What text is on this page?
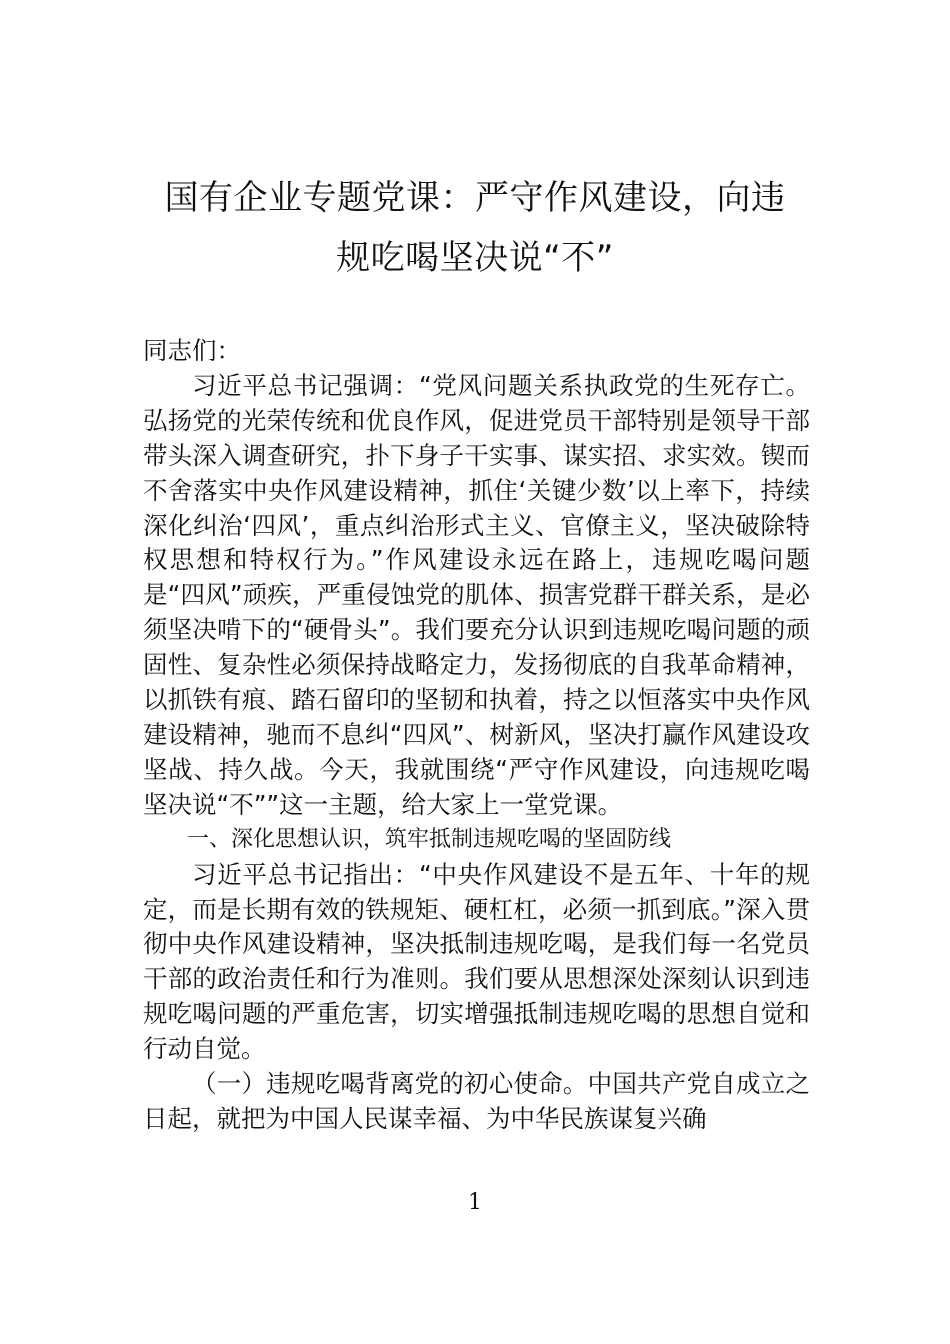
国有企业专题党课：严守作风建设，向违
规吃喝坚决说“不”

同志们：

习近平总书记强调：“党风问题关系执政党的生死存亡。弘扬党的光荣传统和优良作风，促进党员干部特别是领导干部带头深入调查研究，扑下身子干实事、谋实招、求实效。锲而不舍落实中央作风建设精神，抓住‘关键少数’以上率下，持续深化纠治‘四风’，重点纠治形式主义、官僚主义，坚决破除特权思想和特权行为。”作风建设永远在路上，违规吃喝问题是“四风”顽疾，严重侵蚀党的肌体、损害党群干群关系，是必须坚决啃下的“硬骨头”。我们要充分认识到违规吃喝问题的顽固性、复杂性必须保持战略定力，发扬彻底的自我革命精神，以抓铁有痕、踏石留印的坚韧和执着，持之以恒落实中央作风建设精神，驰而不息纠“四风”、树新风，坚决打赢作风建设攻坚战、持久战。今天，我就围绕“严守作风建设，向违规吃喝坚决说“不””这一主题，给大家上一堂党课。

一、深化思想认识，筑牢抵制违规吃喝的坚固防线

习近平总书记指出：“中央作风建设不是五年、十年的规定，而是长期有效的铁规矩、硬杠杠，必须一抓到底。”深入贯彻中央作风建设精神，坚决抵制违规吃喝，是我们每一名党员干部的政治责任和行为准则。我们要从思想深处深刻认识到违规吃喝问题的严重危害，切实增强抵制违规吃喝的思想自觉和行动自觉。

（一）违规吃喝背离党的初心使命。中国共产党自成立之日起，就把为中国人民谋幸福、为中华民族谋复兴确

1
